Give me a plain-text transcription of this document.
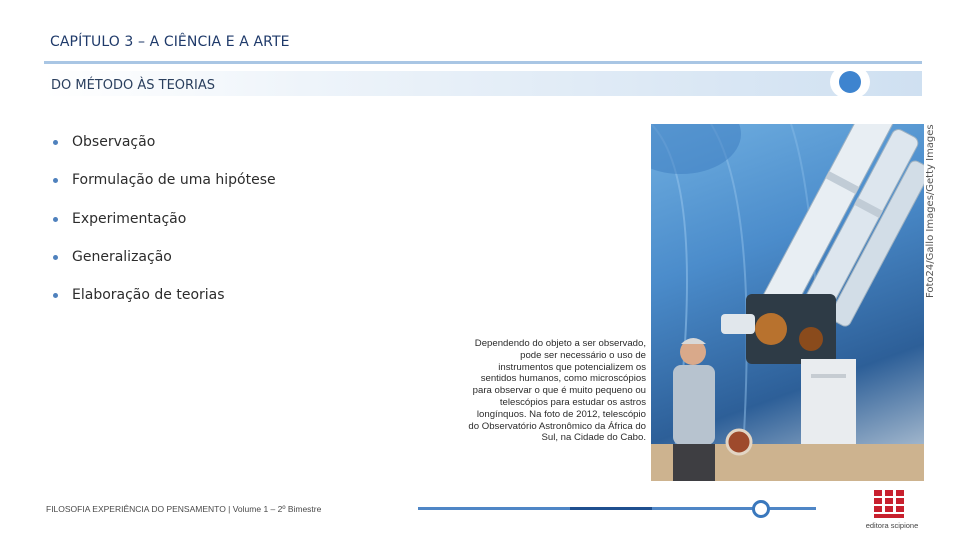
CAPÍTULO 3 – A CIÊNCIA E A ARTE
DO MÉTODO ÀS TEORIAS
Observação
Formulação de uma hipótese
Experimentação
Generalização
Elaboração de teorias	Foto24/Gallo Images/Getty Images
Dependendo do objeto a ser observado, pode ser necessário o uso de instrumentos que potencializem os sentidos humanos, como microscópios para observar o que é muito pequeno ou telescópios para estudar os astros longínquos. Na foto de 2012, telescópio do Observatório Astronômico da África do Sul, na Cidade do Cabo.
FILOSOFIA EXPERIÊNCIA DO PENSAMENTO | Volume 1 – 2º Bimestre
editora scipione
